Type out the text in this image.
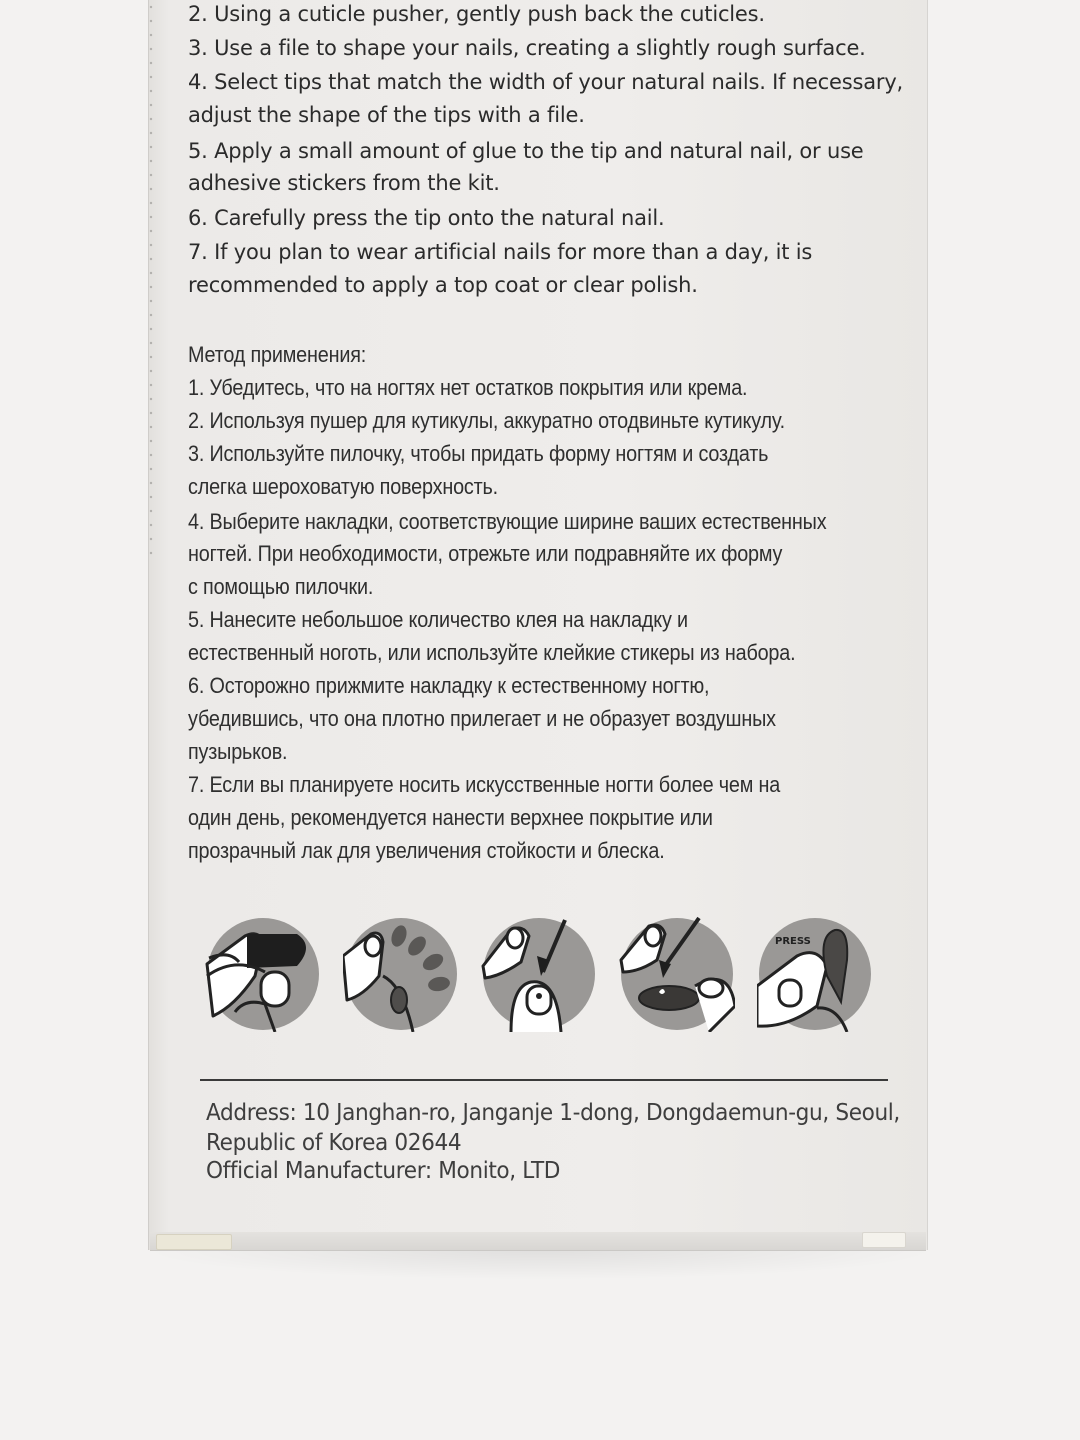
2. Using a cuticle pusher, gently push back the cuticles.
3. Use a file to shape your nails, creating a slightly rough surface.
4. Select tips that match the width of your natural nails. If necessary,
adjust the shape of the tips with a file.
5. Apply a small amount of glue to the tip and natural nail, or use
adhesive stickers from the kit.
6. Carefully press the tip onto the natural nail.
7. If you plan to wear artificial nails for more than a day, it is
recommended to apply a top coat or clear polish.
Метод применения:
1. Убедитесь, что на ногтях нет остатков покрытия или крема.
2. Используя пушер для кутикулы, аккуратно отодвиньте кутикулу.
3. Используйте пилочку, чтобы придать форму ногтям и создать
слегка шероховатую поверхность.
4. Выберите накладки, соответствующие ширине ваших естественных
ногтей. При необходимости, отрежьте или подравняйте их форму
с помощью пилочки.
5. Нанесите небольшое количество клея на накладку и
естественный ноготь, или используйте клейкие стикеры из набора.
6. Осторожно прижмите накладку к естественному ногтю,
убедившись, что она плотно прилегает и не образует воздушных
пузырьков.
7. Если вы планируете носить искусственные ногти более чем на
один день, рекомендуется нанести верхнее покрытие или
прозрачный лак для увеличения стойкости и блеска.
PRESS
Address: 10 Janghan-ro, Janganje 1-dong, Dongdaemun-gu, Seoul,
Republic of Korea 02644
Official Manufacturer: Monito, LTD
